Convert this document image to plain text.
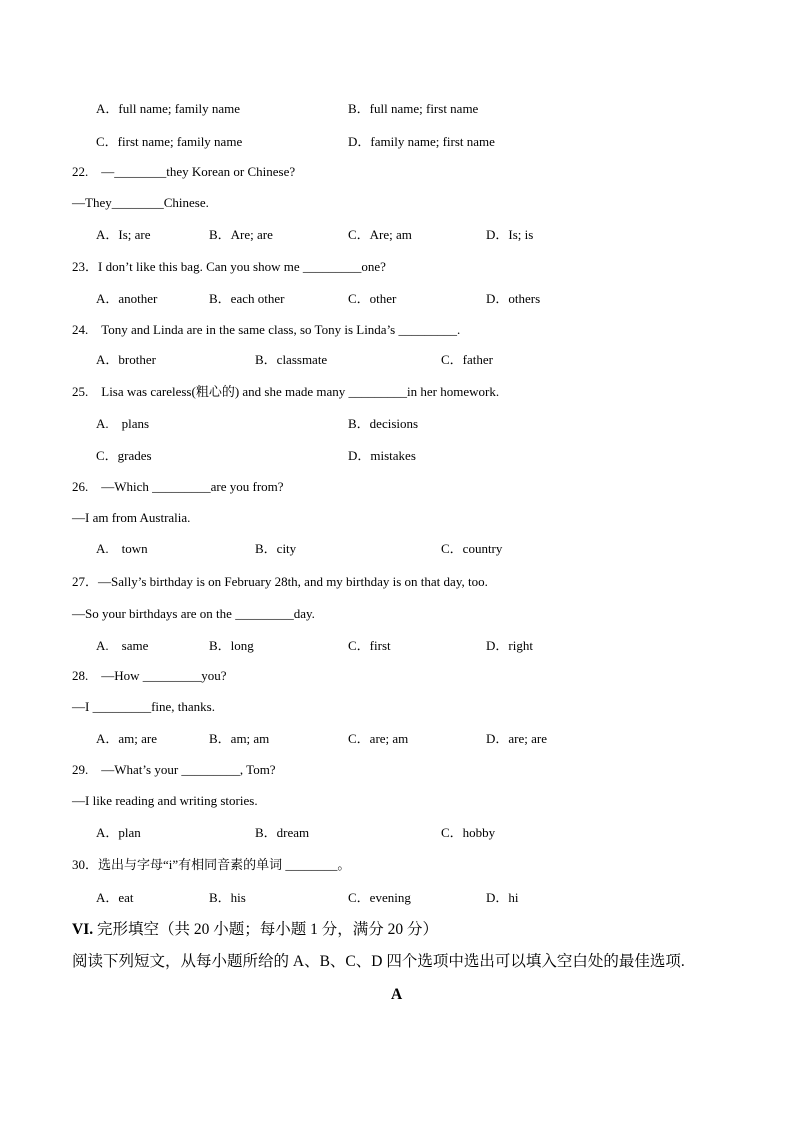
A．full name; family name	B．full name; first name
C．first name; family name	D．family name; first name
22.　—________they Korean or Chinese?
—They________Chinese.
A．Is; are	B．Are; are	C．Are; am	D．Is; is
23．I don’t like this bag. Can you show me _________one?
A．another	B．each other	C．other	D．others
24.　Tony and Linda are in the same class, so Tony is Linda’s _________.
A．brother	B．classmate	C．father
25.　Lisa was careless(粗心的) and she made many _________in her homework.
A.　plans	B．decisions
C．grades	D．mistakes
26.　—Which _________are you from?
—I am from Australia.
A.　town	B．city	C．country
27．—Sally’s birthday is on February 28th, and my birthday is on that day, too.
—So your birthdays are on the _________day.
A.　same	B．long	C．first	D．right
28.　—How _________you?
—I _________fine, thanks.
A．am; are	B．am; am	C．are; am	D．are; are
29.　—What’s your _________, Tom?
—I like reading and writing stories.
A．plan	B．dream	C．hobby
30．选出与字母“i”有相同音素的单词 ________。
A．eat	B．his	C．evening	D．hi
VI. 完形填空（共 20 小题；每小题 1 分，满分 20 分）
阅读下列短文，从每小题所给的 A、B、C、D 四个选项中选出可以填入空白处的最佳选项.
A
